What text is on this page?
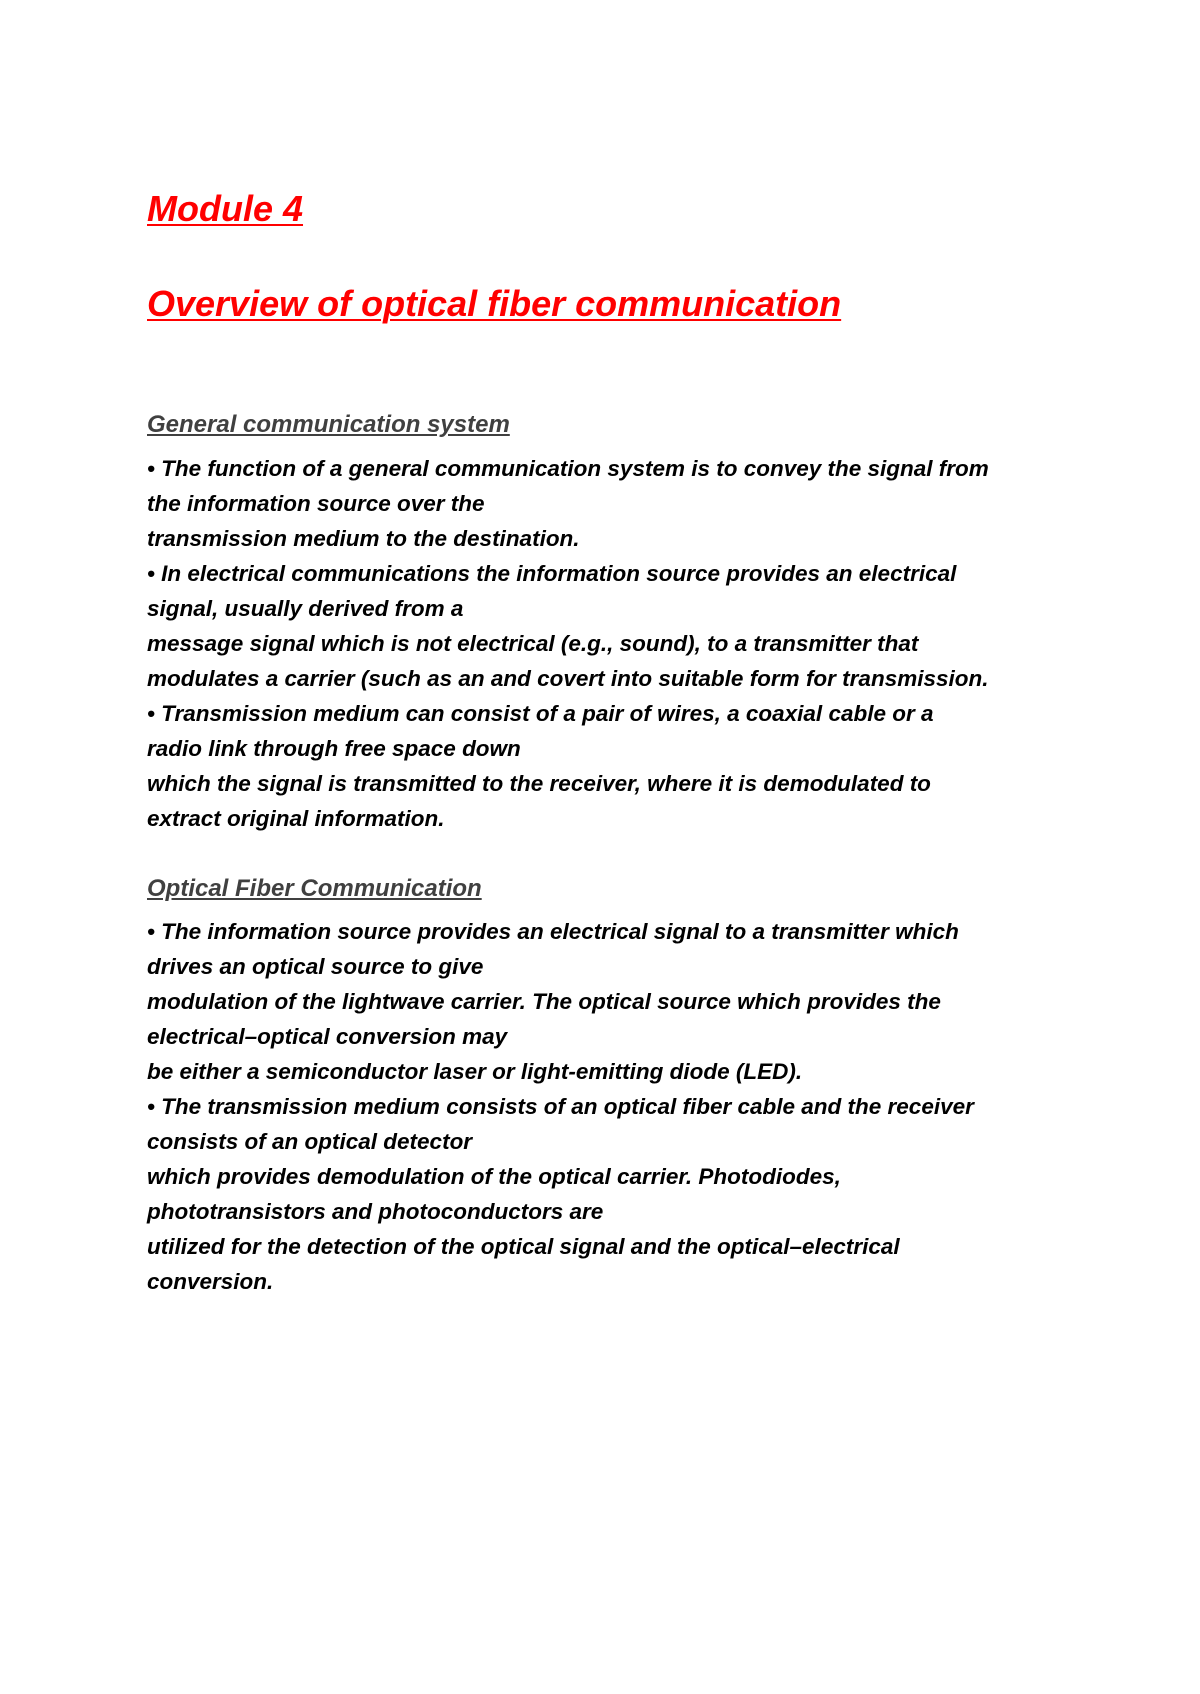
Module 4
Overview of optical fiber communication
General communication system

• The function of a general communication system is to convey the signal from

the information source over the

transmission medium to the destination.

• In electrical communications the information source provides an electrical

signal, usually derived from a

message signal which is not electrical (e.g., sound), to a transmitter that

modulates a carrier (such as an and covert into suitable form for transmission.

• Transmission medium can consist of a pair of wires, a coaxial cable or a

radio link through free space down

which the signal is transmitted to the receiver, where it is demodulated to

extract original information.

Optical Fiber Communication

• The information source provides an electrical signal to a transmitter which

drives an optical source to give

modulation of the lightwave carrier. The optical source which provides the

electrical–optical conversion may

be either a semiconductor laser or light-emitting diode (LED).

• The transmission medium consists of an optical fiber cable and the receiver

consists of an optical detector

which provides demodulation of the optical carrier. Photodiodes,

phototransistors and photoconductors are

utilized for the detection of the optical signal and the optical–electrical

conversion.
